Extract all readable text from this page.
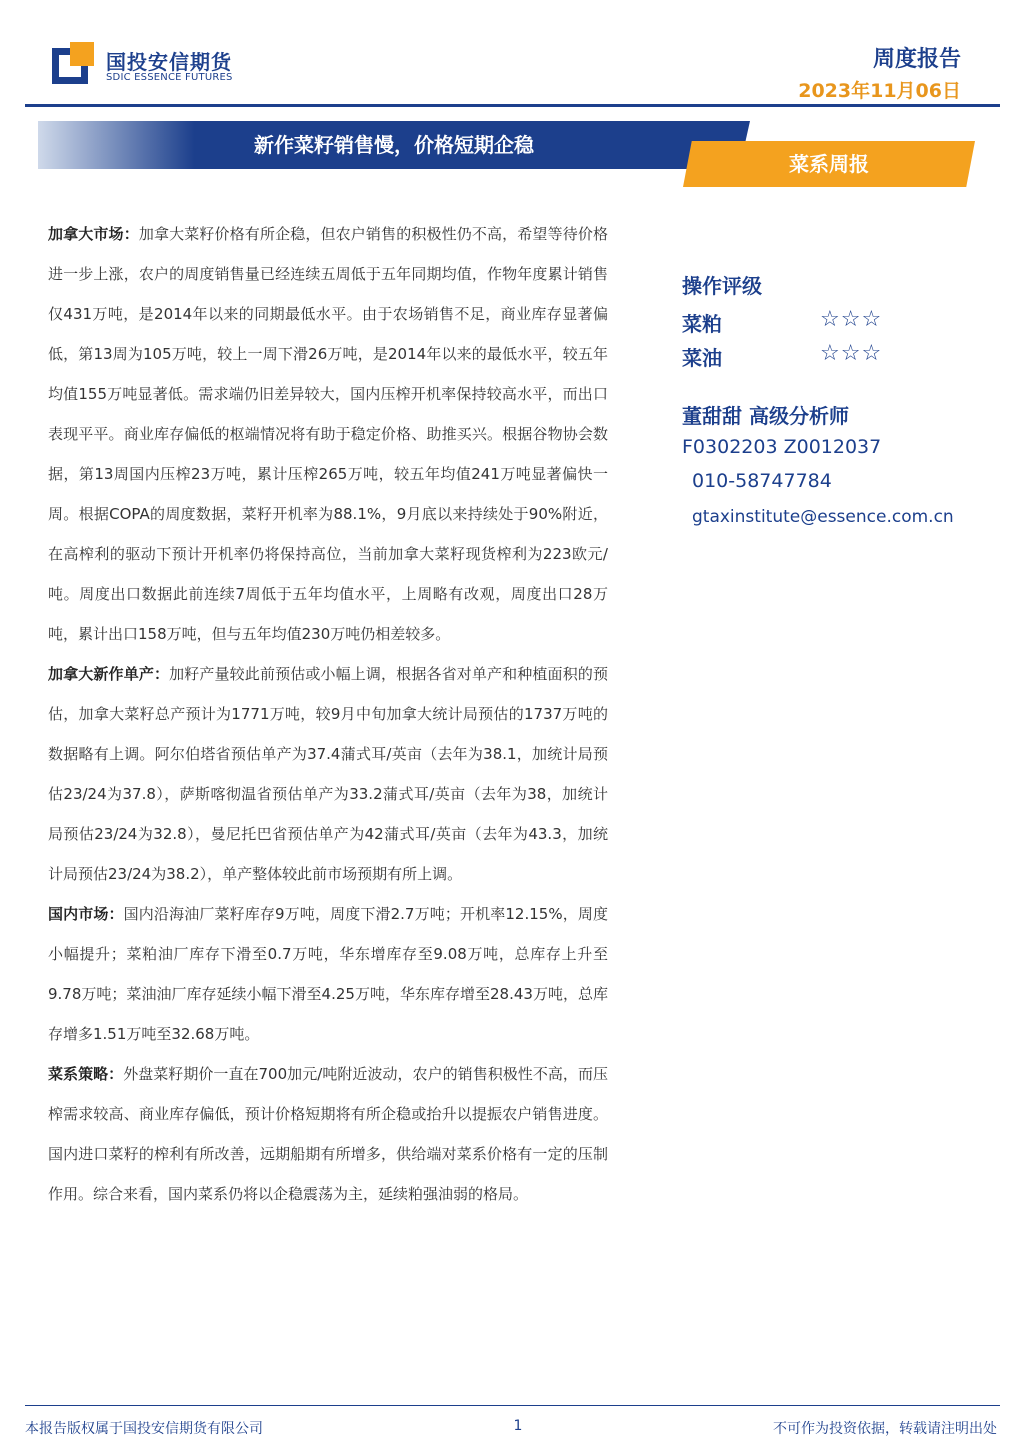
国投安信期货
SDIC ESSENCE FUTURES
周度报告
2023年11月06日
新作菜籽销售慢，价格短期企稳
菜系周报

加拿大市场：加拿大菜籽价格有所企稳，但农户销售的积极性仍不高，希望等待价格进一步上涨，农户的周度销售量已经连续五周低于五年同期均值，作物年度累计销售仅431万吨，是2014年以来的同期最低水平。由于农场销售不足，商业库存显著偏低，第13周为105万吨，较上一周下滑26万吨，是2014年以来的最低水平，较五年均值155万吨显著低。需求端仍旧差异较大，国内压榨开机率保持较高水平，而出口表现平平。商业库存偏低的枢端情况将有助于稳定价格、助推买兴。根据谷物协会数据，第13周国内压榨23万吨，累计压榨265万吨，较五年均值241万吨显著偏快一周。根据COPA的周度数据，菜籽开机率为88.1%，9月底以来持续处于90%附近，在高榨利的驱动下预计开机率仍将保持高位，当前加拿大菜籽现货榨利为223欧元/吨。周度出口数据此前连续7周低于五年均值水平，上周略有改观，周度出口28万吨，累计出口158万吨，但与五年均值230万吨仍相差较多。

加拿大新作单产：加籽产量较此前预估或小幅上调，根据各省对单产和种植面积的预估，加拿大菜籽总产预计为1771万吨，较9月中旬加拿大统计局预估的1737万吨的数据略有上调。阿尔伯塔省预估单产为37.4蒲式耳/英亩（去年为38.1，加统计局预估23/24为37.8），萨斯喀彻温省预估单产为33.2蒲式耳/英亩（去年为38，加统计局预估23/24为32.8），曼尼托巴省预估单产为42蒲式耳/英亩（去年为43.3，加统计局预估23/24为38.2），单产整体较此前市场预期有所上调。

国内市场：国内沿海油厂菜籽库存9万吨，周度下滑2.7万吨；开机率12.15%，周度小幅提升；菜粕油厂库存下滑至0.7万吨，华东增库存至9.08万吨，总库存上升至9.78万吨；菜油油厂库存延续小幅下滑至4.25万吨，华东库存增至28.43万吨，总库存增多1.51万吨至32.68万吨。

菜系策略：外盘菜籽期价一直在700加元/吨附近波动，农户的销售积极性不高，而压榨需求较高、商业库存偏低，预计价格短期将有所企稳或抬升以提振农户销售进度。国内进口菜籽的榨利有所改善，远期船期有所增多，供给端对菜系价格有一定的压制作用。综合来看，国内菜系仍将以企稳震荡为主，延续粕强油弱的格局。

操作评级
菜粕	☆☆☆
菜油	☆☆☆
董甜甜 高级分析师
F0302203 Z0012037
010-58747784
gtaxinstitute@essence.com.cn
本报告版权属于国投安信期货有限公司	1	不可作为投资依据，转载请注明出处
